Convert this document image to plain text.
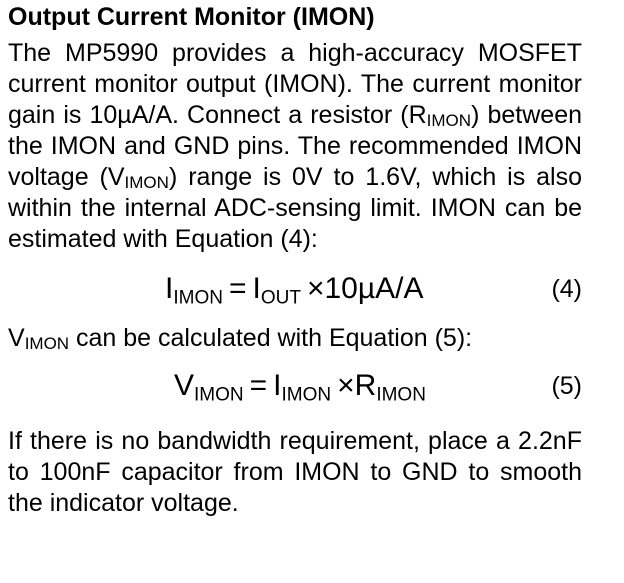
Output Current Monitor (IMON)

The MP5990 provides a high-accuracy MOSFET current monitor output (IMON). The current monitor gain is 10µA/A. Connect a resistor (RIMON) between the IMON and GND pins. The recommended IMON voltage (VIMON) range is 0V to 1.6V, which is also within the internal ADC-sensing limit. IMON can be estimated with Equation (4):

$I_{IMON} = I_{OUT} \times 10\mu A/A$	(4)

VIMON can be calculated with Equation (5):

$V_{IMON} = I_{IMON} \times R_{IMON}$	(5)

If there is no bandwidth requirement, place a 2.2nF to 100nF capacitor from IMON to GND to smooth the indicator voltage.
